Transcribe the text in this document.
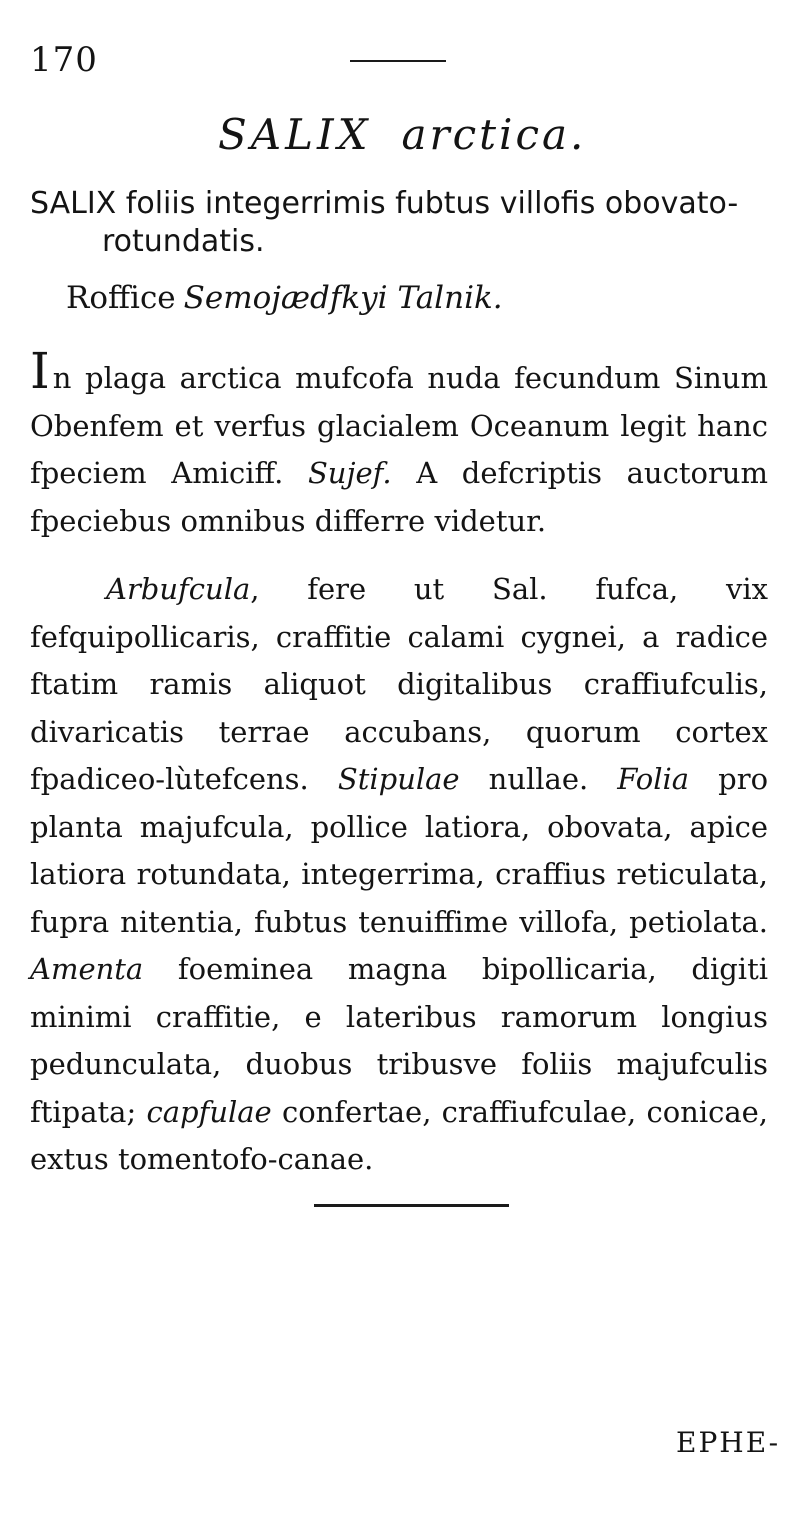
170
SALIX arctica.
SALIX foliis integerrimis fubtus villofis obovato-
rotundatis.
Roffice Semojædfkyi Talnik.

In plaga arctica mufcofa nuda fecundum Sinum Obenfem et verfus glacialem Oceanum legit hanc fpeciem Amiciff. Sujef. A defcriptis auctorum fpeciebus omnibus differre videtur.

Arbufcula, fere ut Sal. fufca, vix fefquipollicaris, craffitie calami cygnei, a radice ftatim ramis aliquot digitalibus craffiufculis, divaricatis terrae accubans, quorum cortex fpadiceo-lùtefcens. Stipulae nullae. Folia pro planta majufcula, pollice latiora, obovata, apice latiora rotundata, integerrima, craffius reticulata, fupra nitentia, fubtus tenuiffime villofa, petiolata. Amenta foeminea magna bipollicaria, digiti minimi craffitie, e lateribus ramorum longius pedunculata, duobus tribusve foliis majufculis ftipata; capfulae confertae, craffiufculae, conicae, extus tomentofo-canae.

EPHE-
